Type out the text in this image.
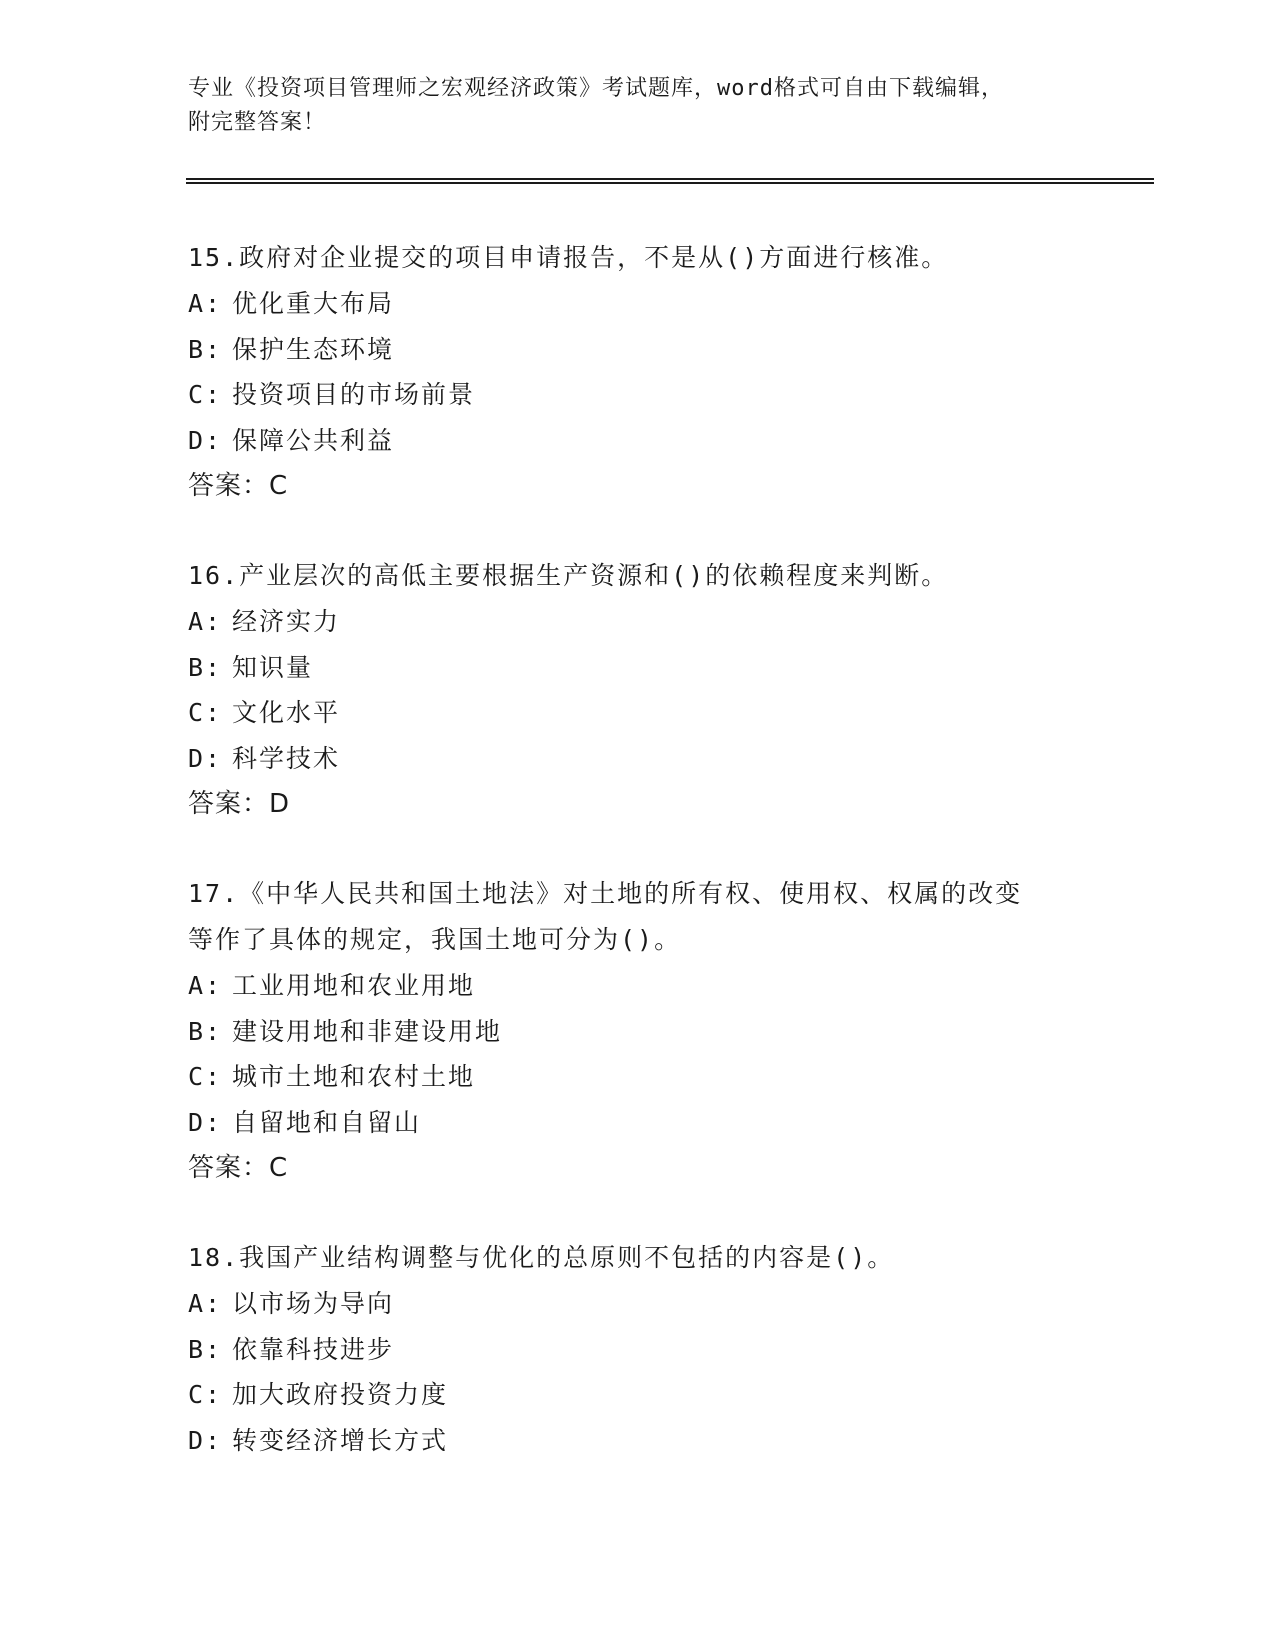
专业《投资项目管理师之宏观经济政策》考试题库，word格式可自由下载编辑，
附完整答案！
15.政府对企业提交的项目申请报告，不是从()方面进行核准。
A: 优化重大布局
B: 保护生态环境
C: 投资项目的市场前景
D: 保障公共利益
答案：C
16.产业层次的高低主要根据生产资源和()的依赖程度来判断。
A: 经济实力
B: 知识量
C: 文化水平
D: 科学技术
答案：D
17.《中华人民共和国土地法》对土地的所有权、使用权、权属的改变等作了具体的规定，我国土地可分为()。
A: 工业用地和农业用地
B: 建设用地和非建设用地
C: 城市土地和农村土地
D: 自留地和自留山
答案：C
18.我国产业结构调整与优化的总原则不包括的内容是()。
A: 以市场为导向
B: 依靠科技进步
C: 加大政府投资力度
D: 转变经济增长方式
